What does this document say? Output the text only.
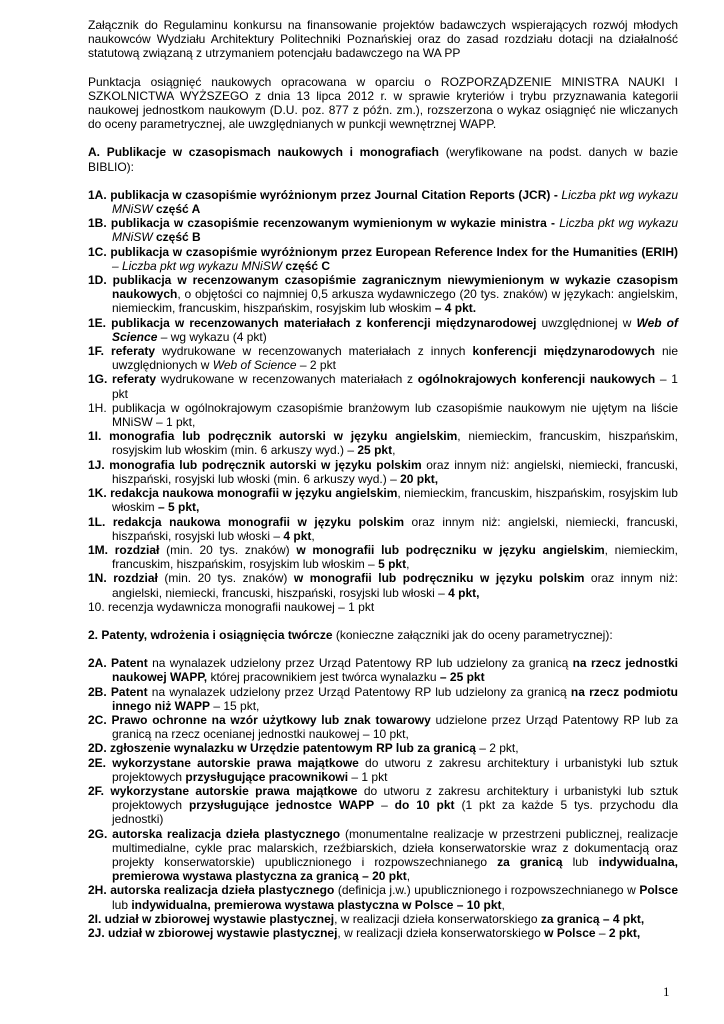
Załącznik do Regulaminu konkursu na finansowanie projektów badawczych wspierających rozwój młodych naukowców Wydziału Architektury Politechniki Poznańskiej oraz do zasad rozdziału dotacji na działalność statutową związaną z utrzymaniem potencjału badawczego na WA PP

Punktacja osiągnięć naukowych opracowana w oparciu o ROZPORZĄDZENIE MINISTRA NAUKI I SZKOLNICTWA WYŻSZEGO z dnia 13 lipca 2012 r. w sprawie kryteriów i trybu przyznawania kategorii naukowej jednostkom naukowym (D.U. poz. 877 z późn. zm.), rozszerzona o wykaz osiągnięć nie wliczanych do oceny parametrycznej, ale uwzględnianych w punkcji wewnętrznej WAPP.

A. Publikacje w czasopismach naukowych i monografiach (weryfikowane na podst. danych w bazie BIBLIO):

1A. publikacja w czasopiśmie wyróżnionym przez Journal Citation Reports (JCR) - Liczba pkt wg wykazu MNiSW część A

1B. publikacja w czasopiśmie recenzowanym wymienionym w wykazie ministra - Liczba pkt wg wykazu MNiSW część B

1C. publikacja w czasopiśmie wyróżnionym przez European Reference Index for the Humanities (ERIH) – Liczba pkt wg wykazu MNiSW część C

1D. publikacja w recenzowanym czasopiśmie zagranicznym niewymienionym w wykazie czasopism naukowych, o objętości co najmniej 0,5 arkusza wydawniczego (20 tys. znaków) w językach: angielskim, niemieckim, francuskim, hiszpańskim, rosyjskim lub włoskim – 4 pkt.

1E. publikacja w recenzowanych materiałach z konferencji międzynarodowej uwzględnionej w Web of Science – wg wykazu (4 pkt)

1F. referaty wydrukowane w recenzowanych materiałach z innych konferencji międzynarodowych nie uwzględnionych w Web of Science – 2 pkt

1G. referaty wydrukowane w recenzowanych materiałach z ogólnokrajowych konferencji naukowych – 1 pkt

1H. publikacja w ogólnokrajowym czasopiśmie branżowym lub czasopiśmie naukowym nie ujętym na liście MNiSW – 1 pkt,

1I. monografia lub podręcznik autorski w języku angielskim, niemieckim, francuskim, hiszpańskim, rosyjskim lub włoskim (min. 6 arkuszy wyd.) – 25 pkt,

1J. monografia lub podręcznik autorski w języku polskim oraz innym niż: angielski, niemiecki, francuski, hiszpański, rosyjski lub włoski (min. 6 arkuszy wyd.) – 20 pkt,

1K. redakcja naukowa monografii w języku angielskim, niemieckim, francuskim, hiszpańskim, rosyjskim lub włoskim – 5 pkt,

1L. redakcja naukowa monografii w języku polskim oraz innym niż: angielski, niemiecki, francuski, hiszpański, rosyjski lub włoski – 4 pkt,

1M. rozdział (min. 20 tys. znaków) w monografii lub podręczniku w języku angielskim, niemieckim, francuskim, hiszpańskim, rosyjskim lub włoskim – 5 pkt,

1N. rozdział (min. 20 tys. znaków) w monografii lub podręczniku w języku polskim oraz innym niż: angielski, niemiecki, francuski, hiszpański, rosyjski lub włoski – 4 pkt,

10. recenzja wydawnicza monografii naukowej – 1 pkt

2. Patenty, wdrożenia i osiągnięcia twórcze (konieczne załączniki jak do oceny parametrycznej):

2A. Patent na wynalazek udzielony przez Urząd Patentowy RP lub udzielony za granicą na rzecz jednostki naukowej WAPP, której pracownikiem jest twórca wynalazku – 25 pkt

2B. Patent na wynalazek udzielony przez Urząd Patentowy RP lub udzielony za granicą na rzecz podmiotu innego niż WAPP – 15 pkt,

2C. Prawo ochronne na wzór użytkowy lub znak towarowy udzielone przez Urząd Patentowy RP lub za granicą na rzecz ocenianej jednostki naukowej – 10 pkt,

2D. zgłoszenie wynalazku w Urzędzie patentowym RP lub za granicą – 2 pkt,

2E. wykorzystane autorskie prawa majątkowe do utworu z zakresu architektury i urbanistyki lub sztuk projektowych przysługujące pracownikowi – 1 pkt

2F. wykorzystane autorskie prawa majątkowe do utworu z zakresu architektury i urbanistyki lub sztuk projektowych przysługujące jednostce WAPP – do 10 pkt (1 pkt za każde 5 tys. przychodu dla jednostki)

2G. autorska realizacja dzieła plastycznego (monumentalne realizacje w przestrzeni publicznej, realizacje multimedialne, cykle prac malarskich, rzeźbiarskich, dzieła konserwatorskie wraz z dokumentacją oraz projekty konserwatorskie) upublicznionego i rozpowszechnianego za granicą lub indywidualna, premierowa wystawa plastyczna za granicą – 20 pkt,

2H. autorska realizacja dzieła plastycznego (definicja j.w.) upublicznionego i rozpowszechnianego w Polsce lub indywidualna, premierowa wystawa plastyczna w Polsce – 10 pkt,

2I. udział w zbiorowej wystawie plastycznej, w realizacji dzieła konserwatorskiego za granicą – 4 pkt,

2J. udział w zbiorowej wystawie plastycznej, w realizacji dzieła konserwatorskiego w Polsce – 2 pkt,

1
